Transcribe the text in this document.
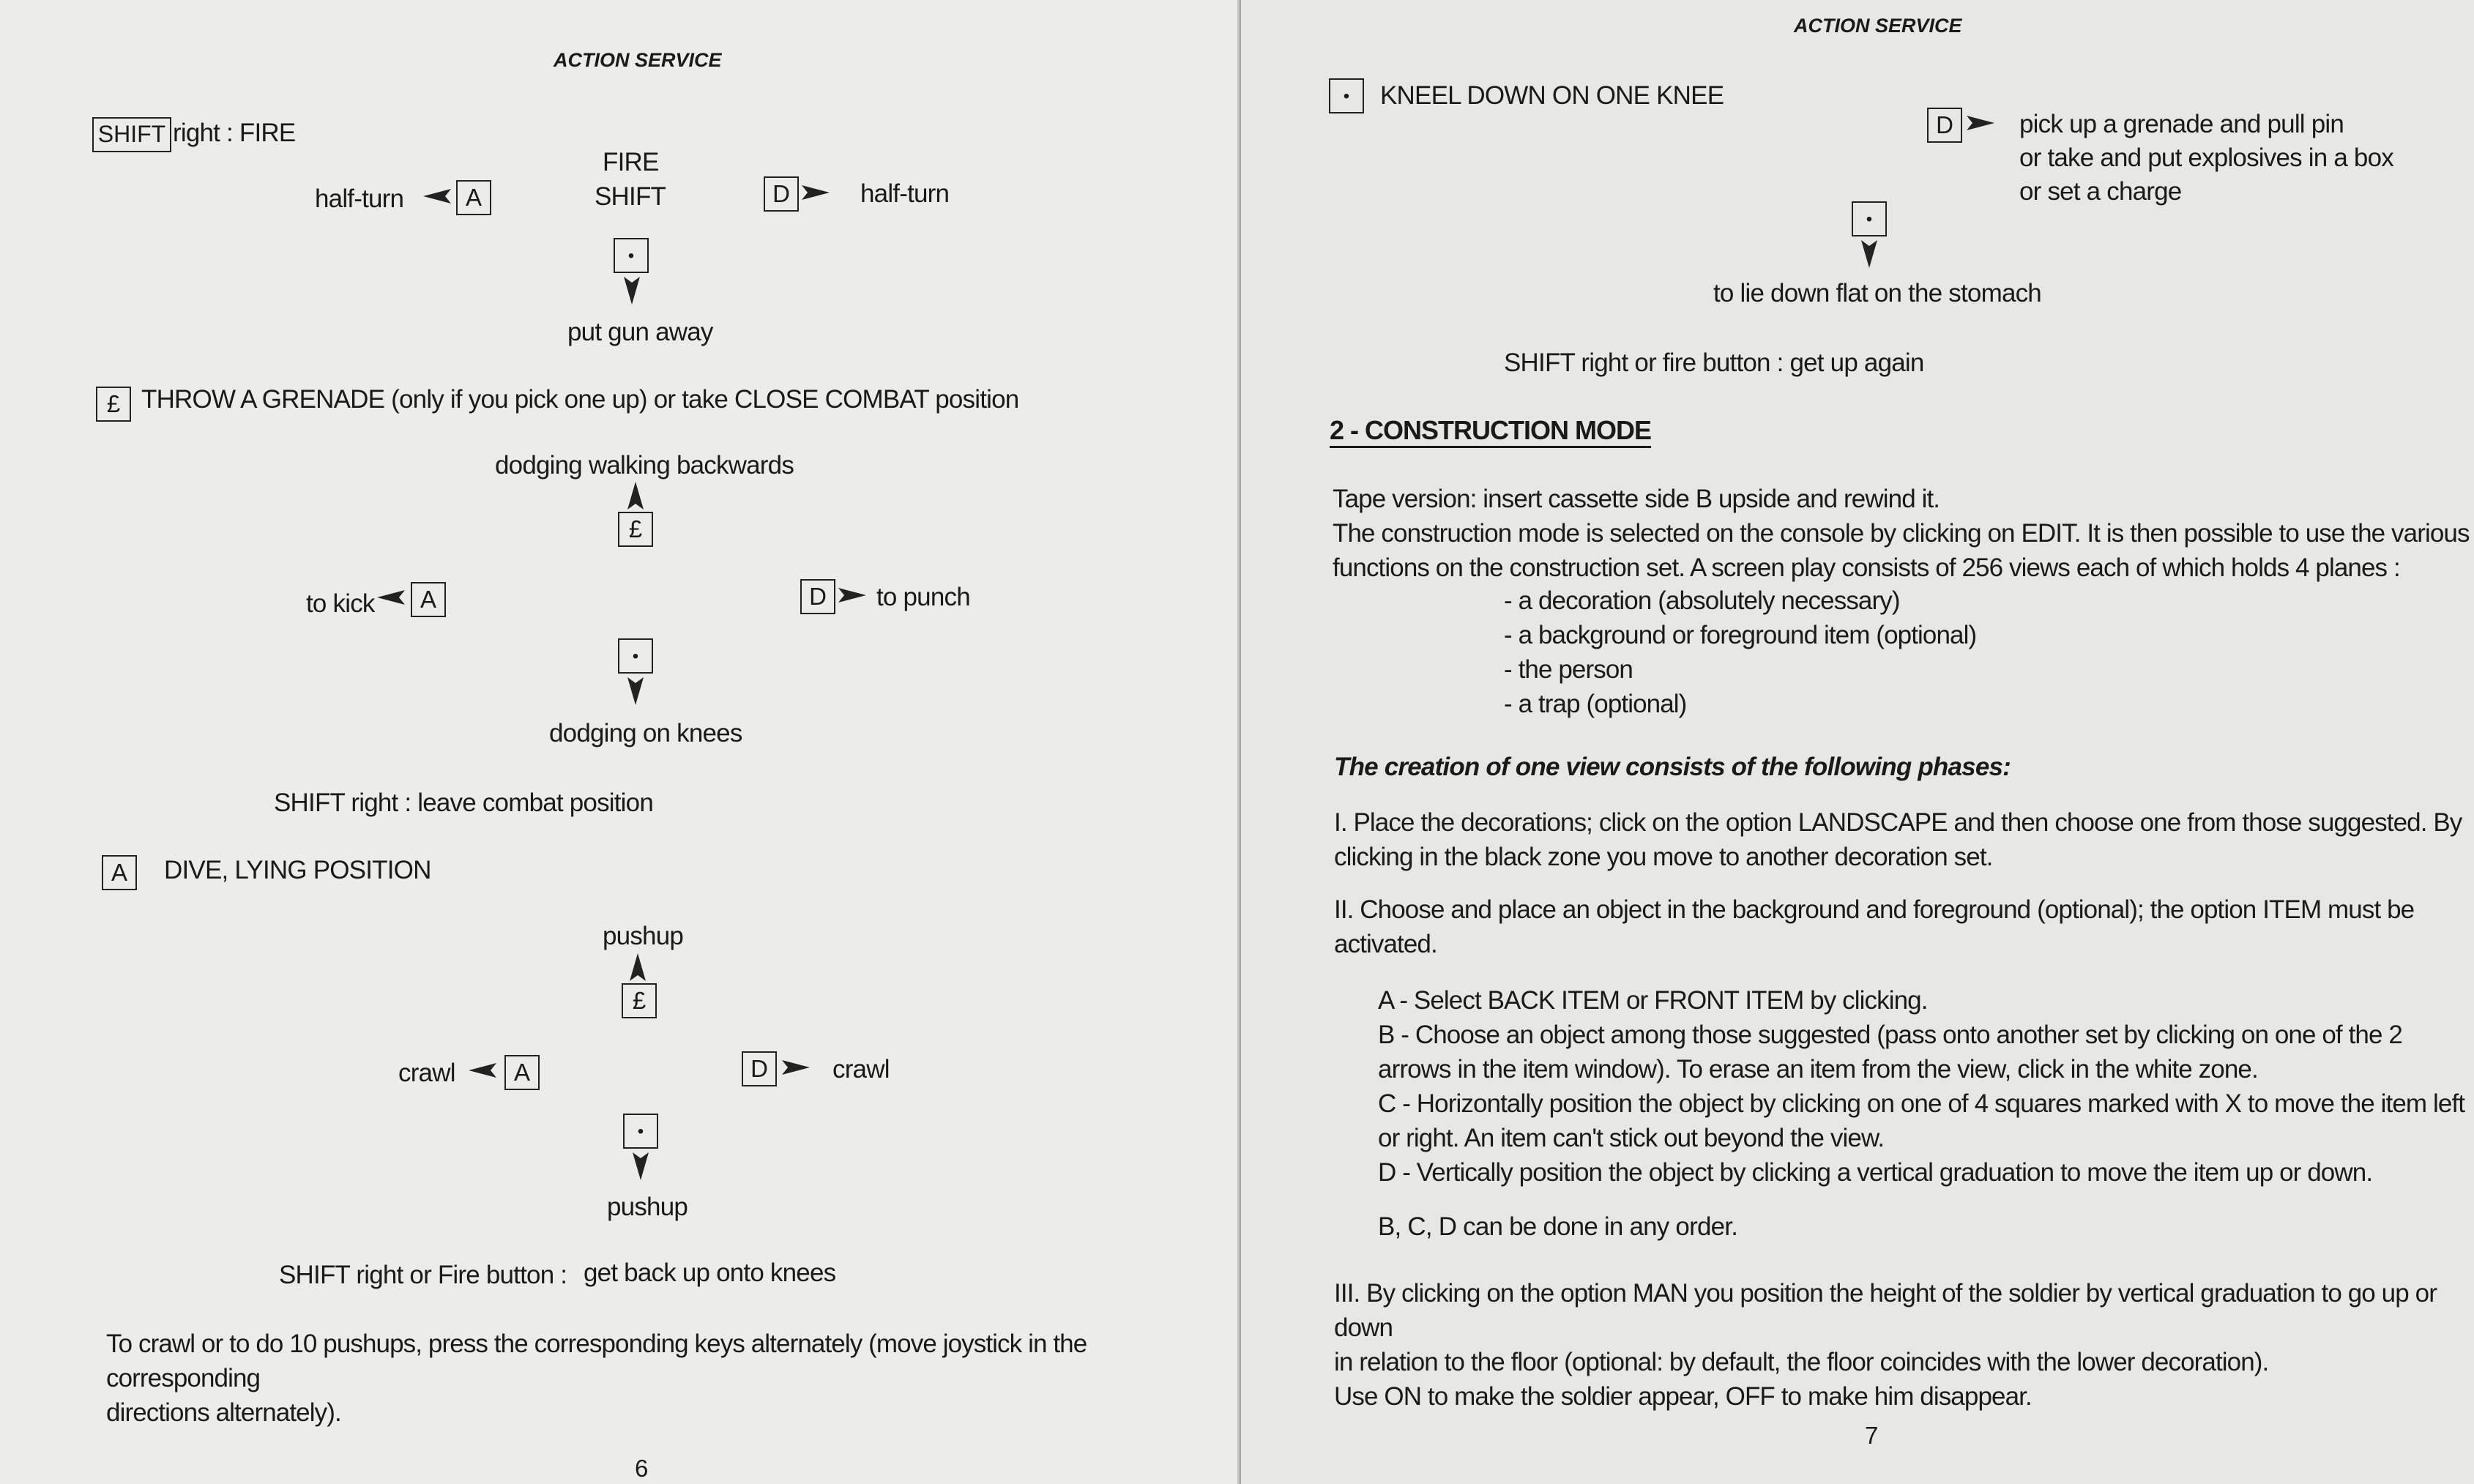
ACTION SERVICE
SHIFT right : FIRE
FIRE
SHIFT
half-turn	A	D	half-turn
•
put gun away
£ THROW A GRENADE (only if you pick one up) or take CLOSE COMBAT position
dodging walking backwards
£
to kick	A	D	to punch
•
dodging on knees
SHIFT right : leave combat position
A	DIVE, LYING POSITION
pushup
£
crawl	A	D	crawl
•
pushup
SHIFT right or Fire button : get back up onto knees
To crawl or to do 10 pushups, press the corresponding keys alternately (move joystick in the corresponding
directions alternately).
6
ACTION SERVICE
•
KNEEL DOWN ON ONE KNEE
D	pick up a grenade and pull pin
or take and put explosives in a box
or set a charge
•
to lie down flat on the stomach
SHIFT right or fire button : get up again
2 - CONSTRUCTION MODE
Tape version: insert cassette side B upside and rewind it.
The construction mode is selected on the console by clicking on EDIT. It is then possible to use the various
functions on the construction set. A screen play consists of 256 views each of which holds 4 planes :
- a decoration (absolutely necessary)
- a background or foreground item (optional)
- the person
- a trap (optional)
The creation of one view consists of the following phases:
I. Place the decorations; click on the option LANDSCAPE and then choose one from those suggested. By
clicking in the black zone you move to another decoration set.
II. Choose and place an object in the background and foreground (optional); the option ITEM must be
activated.
A - Select BACK ITEM or FRONT ITEM by clicking.
B - Choose an object among those suggested (pass onto another set by clicking on one of the 2
arrows in the item window). To erase an item from the view, click in the white zone.
C - Horizontally position the object by clicking on one of 4 squares marked with X to move the item left
or right. An item can't stick out beyond the view.
D - Vertically position the object by clicking a vertical graduation to move the item up or down.
B, C, D can be done in any order.
III. By clicking on the option MAN you position the height of the soldier by vertical graduation to go up or down
in relation to the floor (optional: by default, the floor coincides with the lower decoration).
Use ON to make the soldier appear, OFF to make him disappear.
7
